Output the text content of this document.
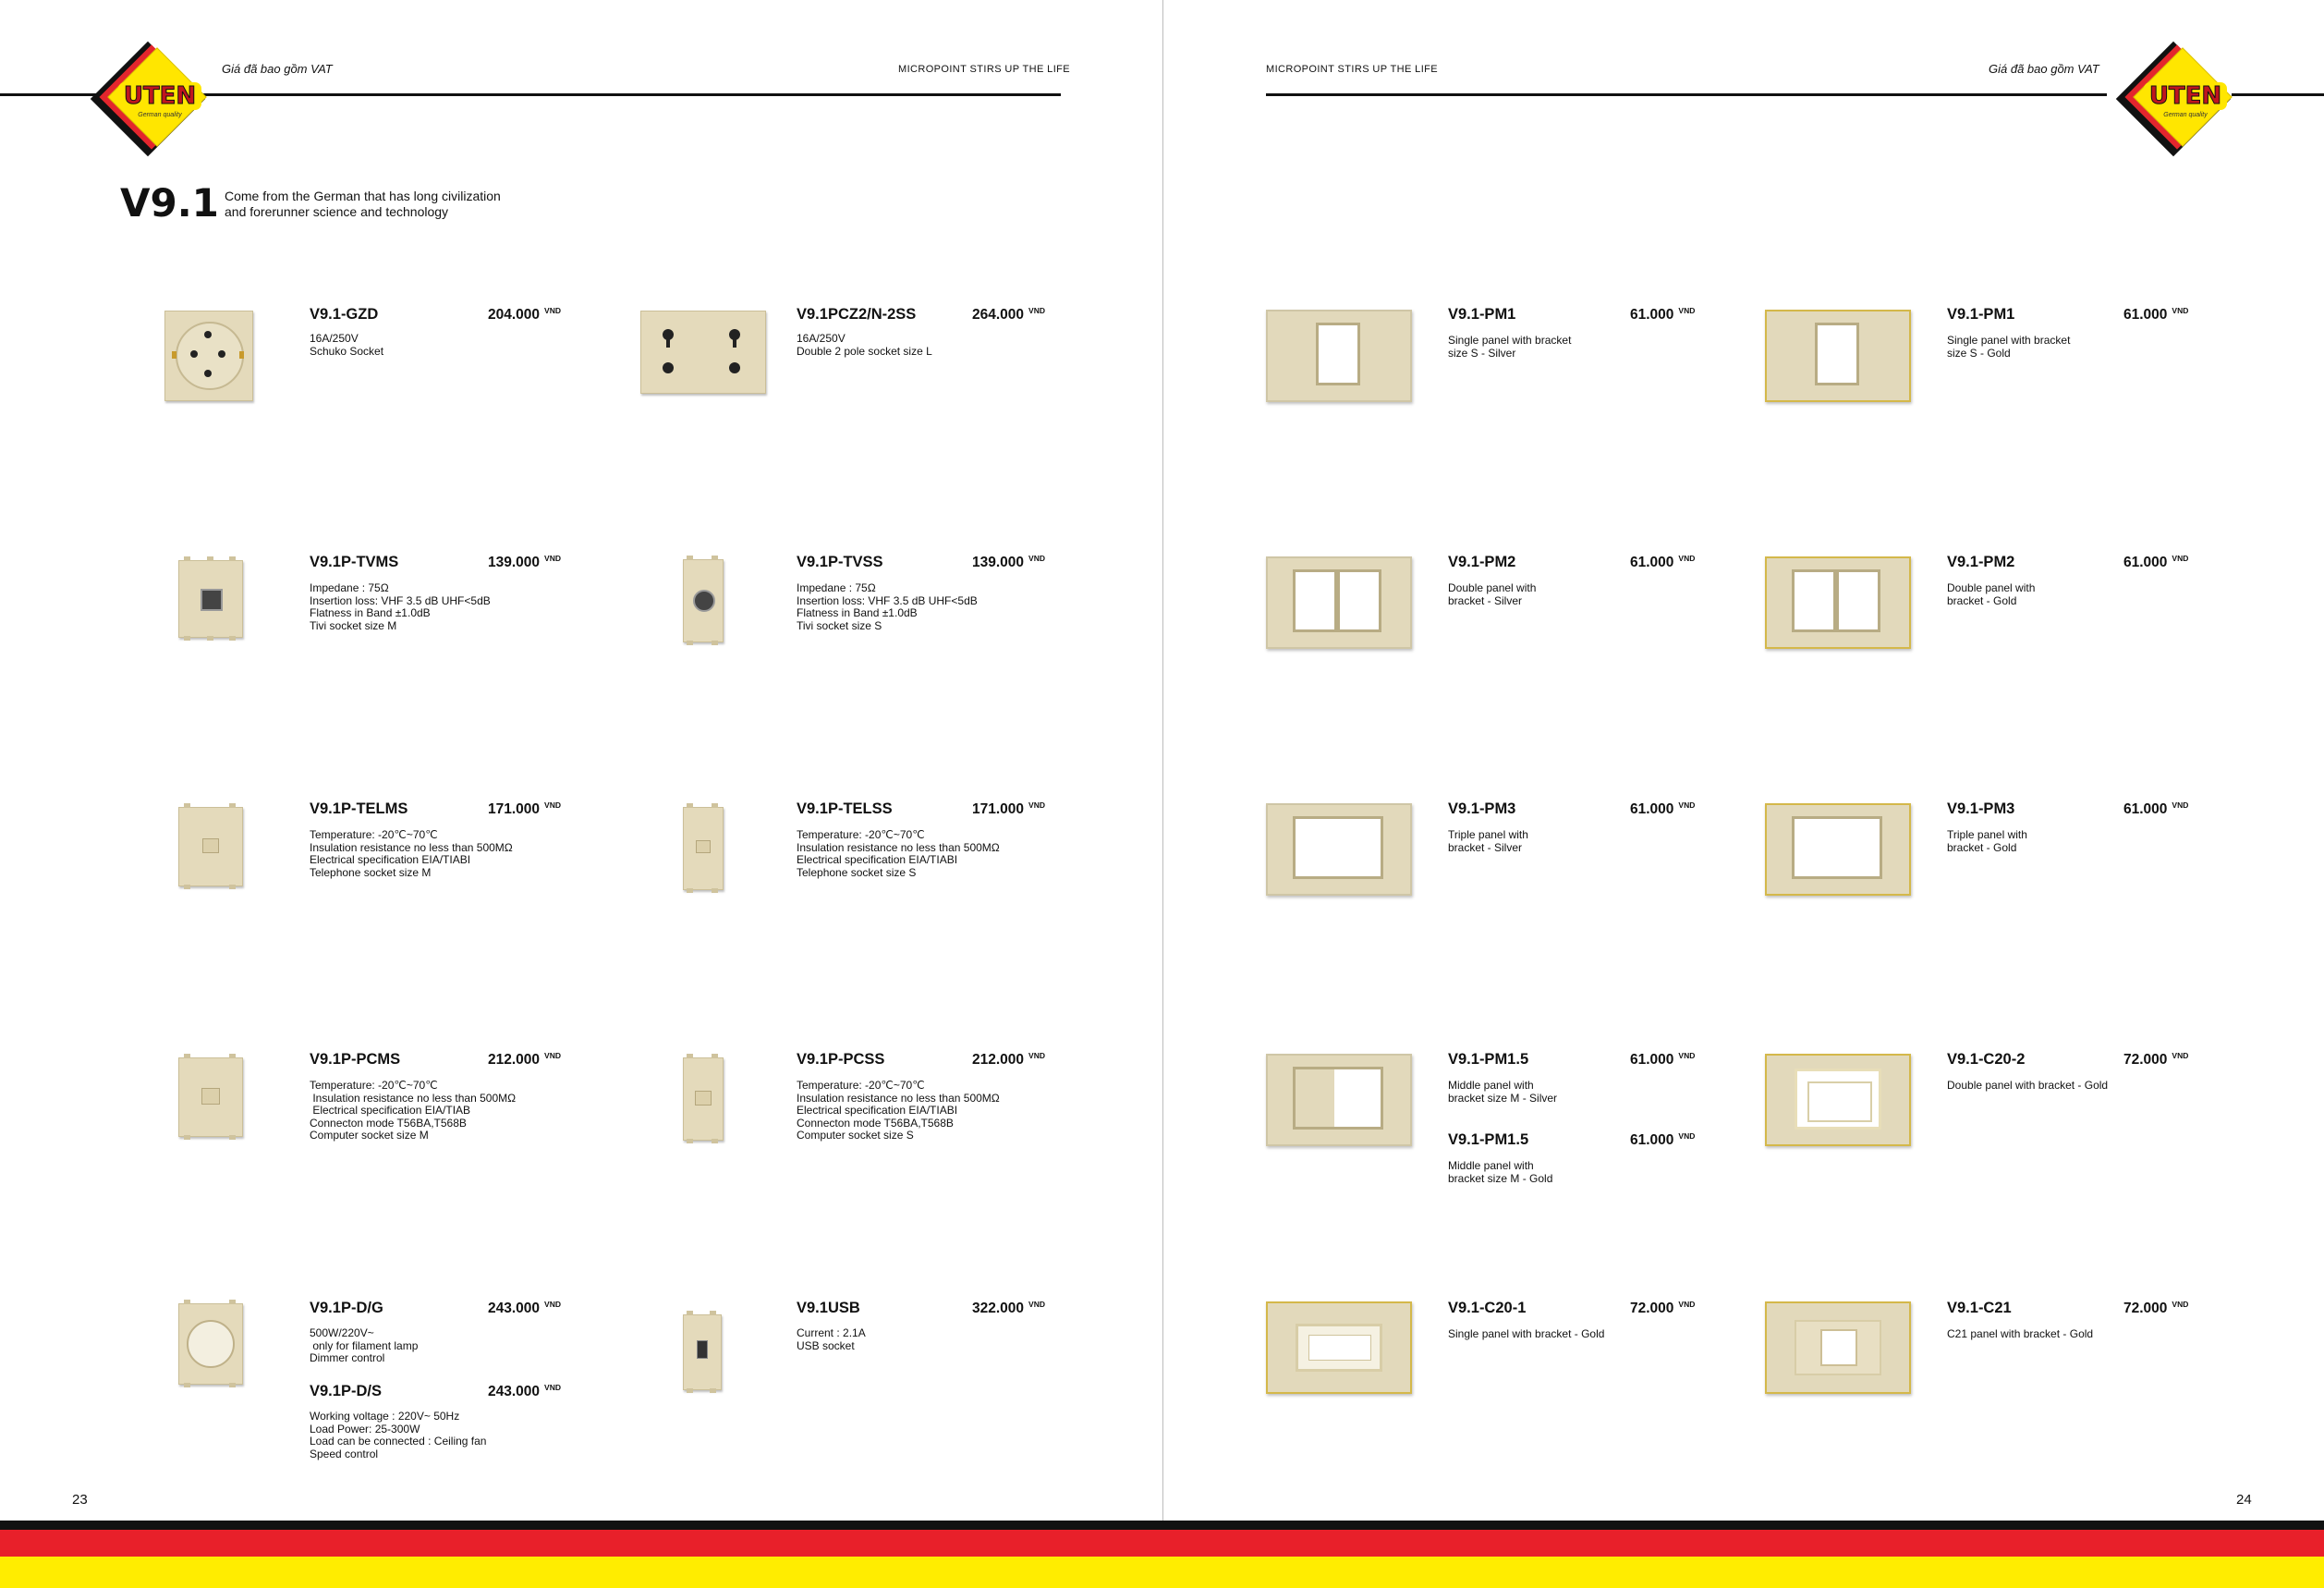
UTEN
German quality
Giá đã bao gồm VAT	MICROPOINT STIRS UP THE LIFE
UTEN
German quality
MICROPOINT STIRS UP THE LIFE	Giá đã bao gồm VAT
V9.1 Come from the German that has long civilization
and forerunner science and technology
V9.1-GZD	204.000 $^{VND}$
16A/250V
Schuko Socket
V9.1PCZ2/N-2SS	264.000 $^{VND}$
16A/250V
Double 2 pole socket size L
V9.1P-TVMS	139.000 $^{VND}$
Impedane : 75Ω
Insertion loss: VHF 3.5 dB UHF<5dB
Flatness in Band ±1.0dB
Tivi socket size M
V9.1P-TVSS	139.000 $^{VND}$
Impedane : 75Ω
Insertion loss: VHF 3.5 dB UHF<5dB
Flatness in Band ±1.0dB
Tivi socket size S
V9.1P-TELMS	171.000 $^{VND}$
Temperature: -20℃~70℃
Insulation resistance no less than 500MΩ
Electrical specification EIA/TIABI
Telephone socket size M
V9.1P-TELSS	171.000 $^{VND}$
Temperature: -20℃~70℃
Insulation resistance no less than 500MΩ
Electrical specification EIA/TIABI
Telephone socket size S
V9.1P-PCMS	212.000 $^{VND}$
Temperature: -20℃~70℃
Insulation resistance no less than 500MΩ
Electrical specification EIA/TIAB
Connecton mode T56BA,T568B
Computer socket size M
V9.1P-PCSS	212.000 $^{VND}$
Temperature: -20℃~70℃
Insulation resistance no less than 500MΩ
Electrical specification EIA/TIABI
Connecton mode T56BA,T568B
Computer socket size S
V9.1P-D/G	243.000 $^{VND}$
500W/220V~
only for filament lamp
Dimmer control
V9.1P-D/S	243.000 $^{VND}$
Working voltage : 220V~ 50Hz
Load Power: 25-300W
Load can be connected : Ceiling fan
Speed control
V9.1USB	322.000 $^{VND}$
Current : 2.1A
USB socket
V9.1-PM1	61.000 $^{VND}$
Single panel with bracket
size S - Silver
V9.1-PM1	61.000 $^{VND}$
Single panel with bracket
size S - Gold
V9.1-PM2	61.000 $^{VND}$
Double panel with
bracket - Silver
V9.1-PM2	61.000 $^{VND}$
Double panel with
bracket - Gold
V9.1-PM3	61.000 $^{VND}$
Triple panel with
bracket - Silver
V9.1-PM3	61.000 $^{VND}$
Triple panel with
bracket - Gold
V9.1-PM1.5	61.000 $^{VND}$
Middle panel with
bracket size M - Silver
V9.1-PM1.5	61.000 $^{VND}$
Middle panel with
bracket size M - Gold
V9.1-C20-2	72.000 $^{VND}$
Double panel with bracket - Gold
V9.1-C20-1	72.000 $^{VND}$
Single panel with bracket - Gold
V9.1-C21	72.000 $^{VND}$
C21 panel with bracket - Gold
23	24
